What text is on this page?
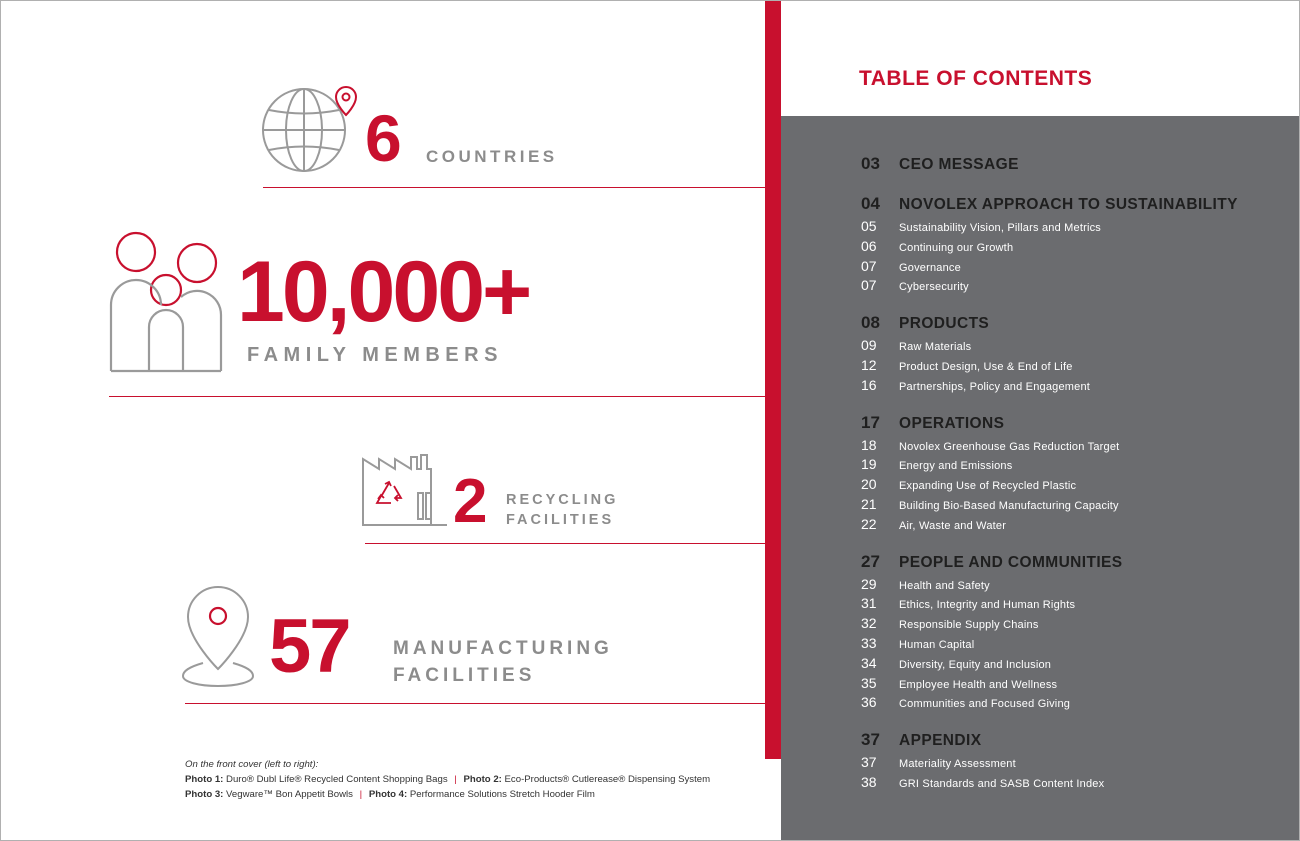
6 COUNTRIES
10,000+
FAMILY MEMBERS
2 RECYCLING
FACILITIES
57 MANUFACTURING
FACILITIES
On the front cover (left to right):
Photo 1: Duro® Dubl Life® Recycled Content Shopping Bags | Photo 2: Eco-Products® Cutlerease® Dispensing System
Photo 3: Vegware™ Bon Appetit Bowls | Photo 4: Performance Solutions Stretch Hooder Film
TABLE OF CONTENTS
03	CEO MESSAGE
04	NOVOLEX APPROACH TO SUSTAINABILITY
05	Sustainability Vision, Pillars and Metrics
06	Continuing our Growth
07	Governance
07	Cybersecurity
08	PRODUCTS
09	Raw Materials
12	Product Design, Use & End of Life
16	Partnerships, Policy and Engagement
17	OPERATIONS
18	Novolex Greenhouse Gas Reduction Target
19	Energy and Emissions
20	Expanding Use of Recycled Plastic
21	Building Bio-Based Manufacturing Capacity
22	Air, Waste and Water
27	PEOPLE AND COMMUNITIES
29	Health and Safety
31	Ethics, Integrity and Human Rights
32	Responsible Supply Chains
33	Human Capital
34	Diversity, Equity and Inclusion
35	Employee Health and Wellness
36	Communities and Focused Giving
37	APPENDIX
37	Materiality Assessment
38	GRI Standards and SASB Content Index
